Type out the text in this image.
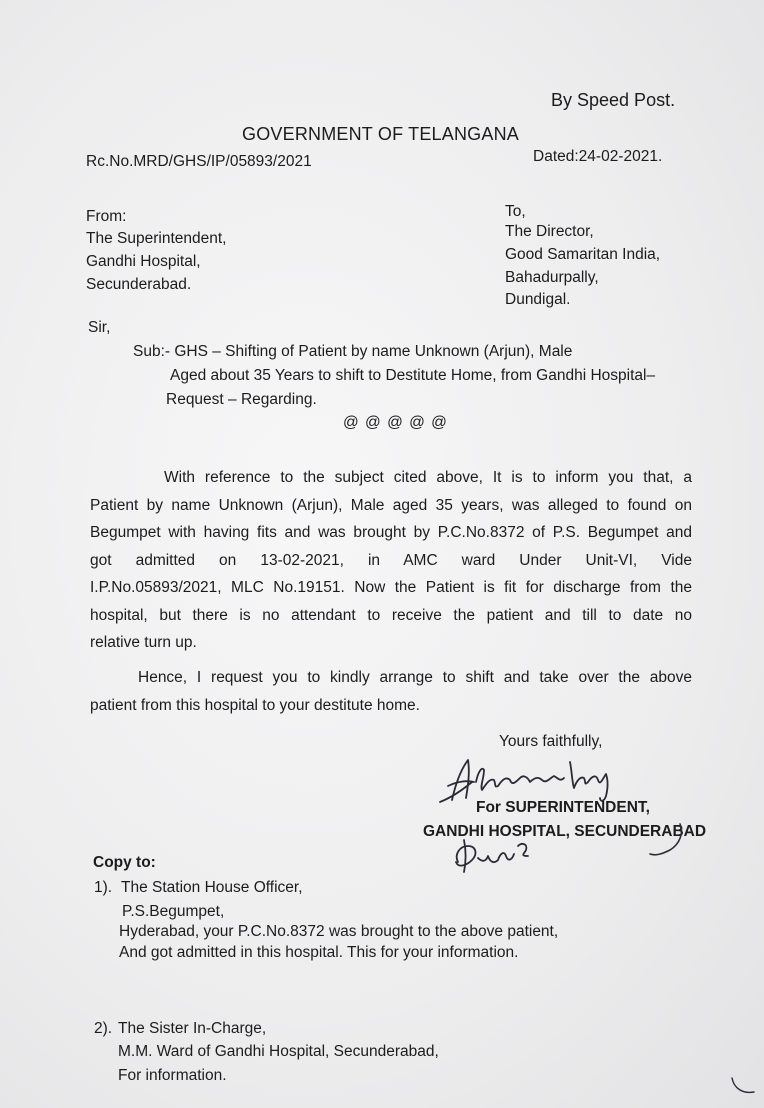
By Speed Post.
GOVERNMENT OF TELANGANA
Rc.No.MRD/GHS/IP/05893/2021	Dated:24-02-2021.
From:
The Superintendent,
Gandhi Hospital,
Secunderabad.
To,
The Director,
Good Samaritan India,
Bahadurpally,
Dundigal.
Sir,
Sub:- GHS – Shifting of Patient by name Unknown (Arjun), Male
Aged about 35 Years to shift to Destitute Home, from Gandhi Hospital–
Request – Regarding.
@ @ @ @ @
With reference to the subject cited above, It is to inform you that, a
Patient by name Unknown (Arjun), Male aged 35 years, was alleged to found on
Begumpet with having fits and was brought by P.C.No.8372 of P.S. Begumpet and
got admitted on 13-02-2021, in AMC ward Under Unit-VI, Vide
I.P.No.05893/2021, MLC No.19151. Now the Patient is fit for discharge from the
hospital, but there is no attendant to receive the patient and till to date no
relative turn up.
Hence, I request you to kindly arrange to shift and take over the above
patient from this hospital to your destitute home.
Yours faithfully,
For SUPERINTENDENT,
GANDHI HOSPITAL, SECUNDERABAD
Copy to:
1). The Station House Officer,
P.S.Begumpet,
Hyderabad, your P.C.No.8372 was brought to the above patient,
And got admitted in this hospital. This for your information.
2). The Sister In-Charge,
M.M. Ward of Gandhi Hospital, Secunderabad,
For information.
